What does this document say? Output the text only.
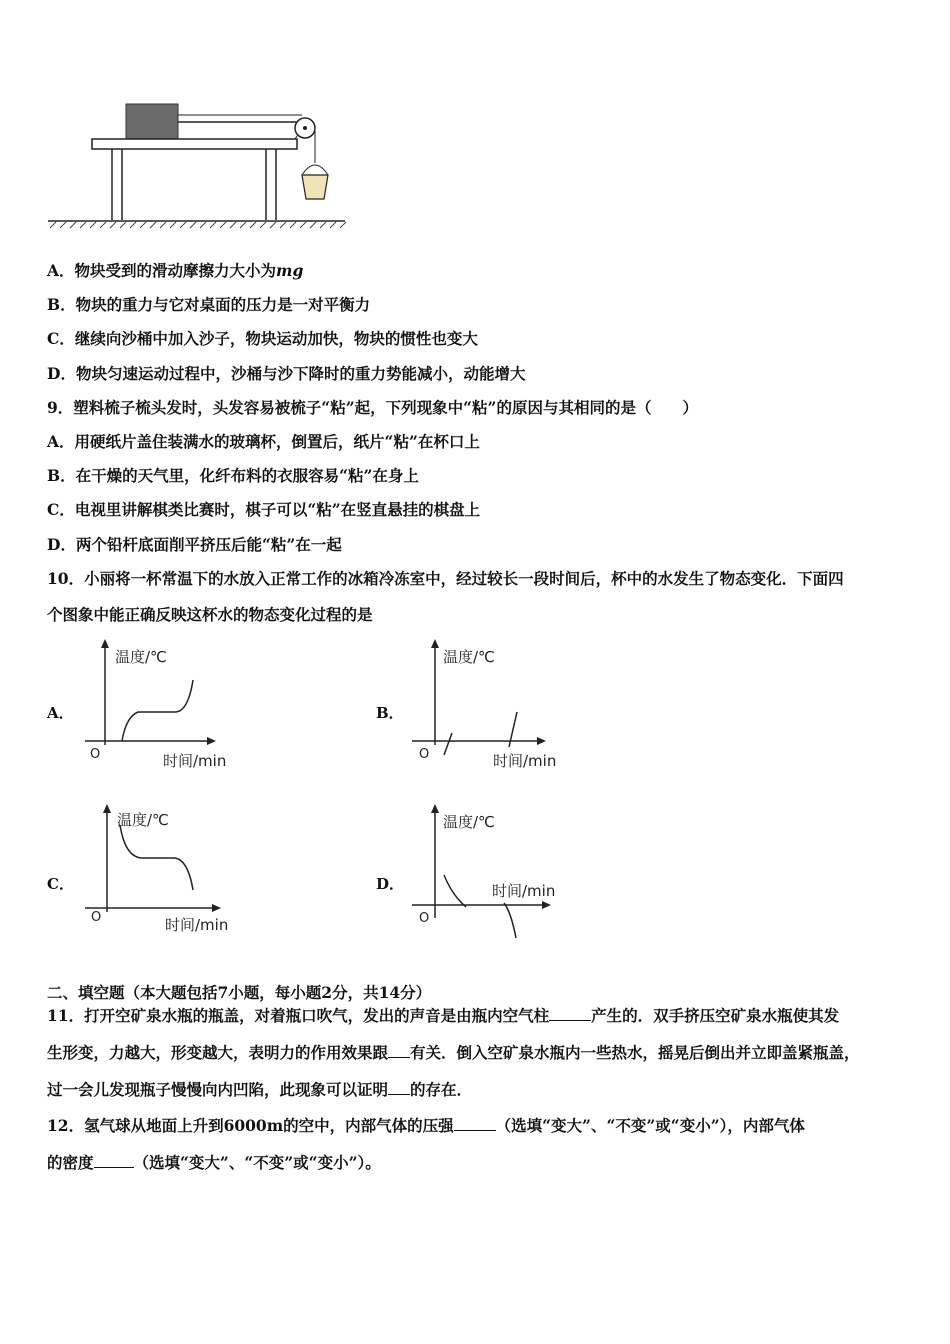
A．物块受到的滑动摩擦力大小为mg
B．物块的重力与它对桌面的压力是一对平衡力
C．继续向沙桶中加入沙子，物块运动加快，物块的惯性也变大
D．物块匀速运动过程中，沙桶与沙下降时的重力势能减小，动能增大
9．塑料梳子梳头发时，头发容易被梳子“粘”起，下列现象中“粘”的原因与其相同的是（　　）
A．用硬纸片盖住装满水的玻璃杯，倒置后，纸片“粘”在杯口上
B．在干燥的天气里，化纤布料的衣服容易“粘”在身上
C．电视里讲解棋类比赛时，棋子可以“粘”在竖直悬挂的棋盘上
D．两个铅杆底面削平挤压后能“粘”在一起
10．小丽将一杯常温下的水放入正常工作的冰箱冷冻室中，经过较长一段时间后，杯中的水发生了物态变化．下面四
个图象中能正确反映这杯水的物态变化过程的是
A．	B．
C．	D．
温度/℃
时间/min
O
温度/℃
时间/min
O
温度/℃
时间/min
O
温度/℃
时间/min
O
二、填空题（本大题包括7小题，每小题2分，共14分）
11．打开空矿泉水瓶的瓶盖，对着瓶口吹气，发出的声音是由瓶内空气柱	产生的．双手挤压空矿泉水瓶使其发
生形变，力越大，形变越大，表明力的作用效果跟 有关．倒入空矿泉水瓶内一些热水，摇晃后倒出并立即盖紧瓶盖，
过一会儿发现瓶子慢慢向内凹陷，此现象可以证明 的存在．
12．氢气球从地面上升到6000m的空中，内部气体的压强	（选填“变大”、“不变”或“变小”），内部气体
的密度	（选填“变大”、“不变”或“变小”）。
